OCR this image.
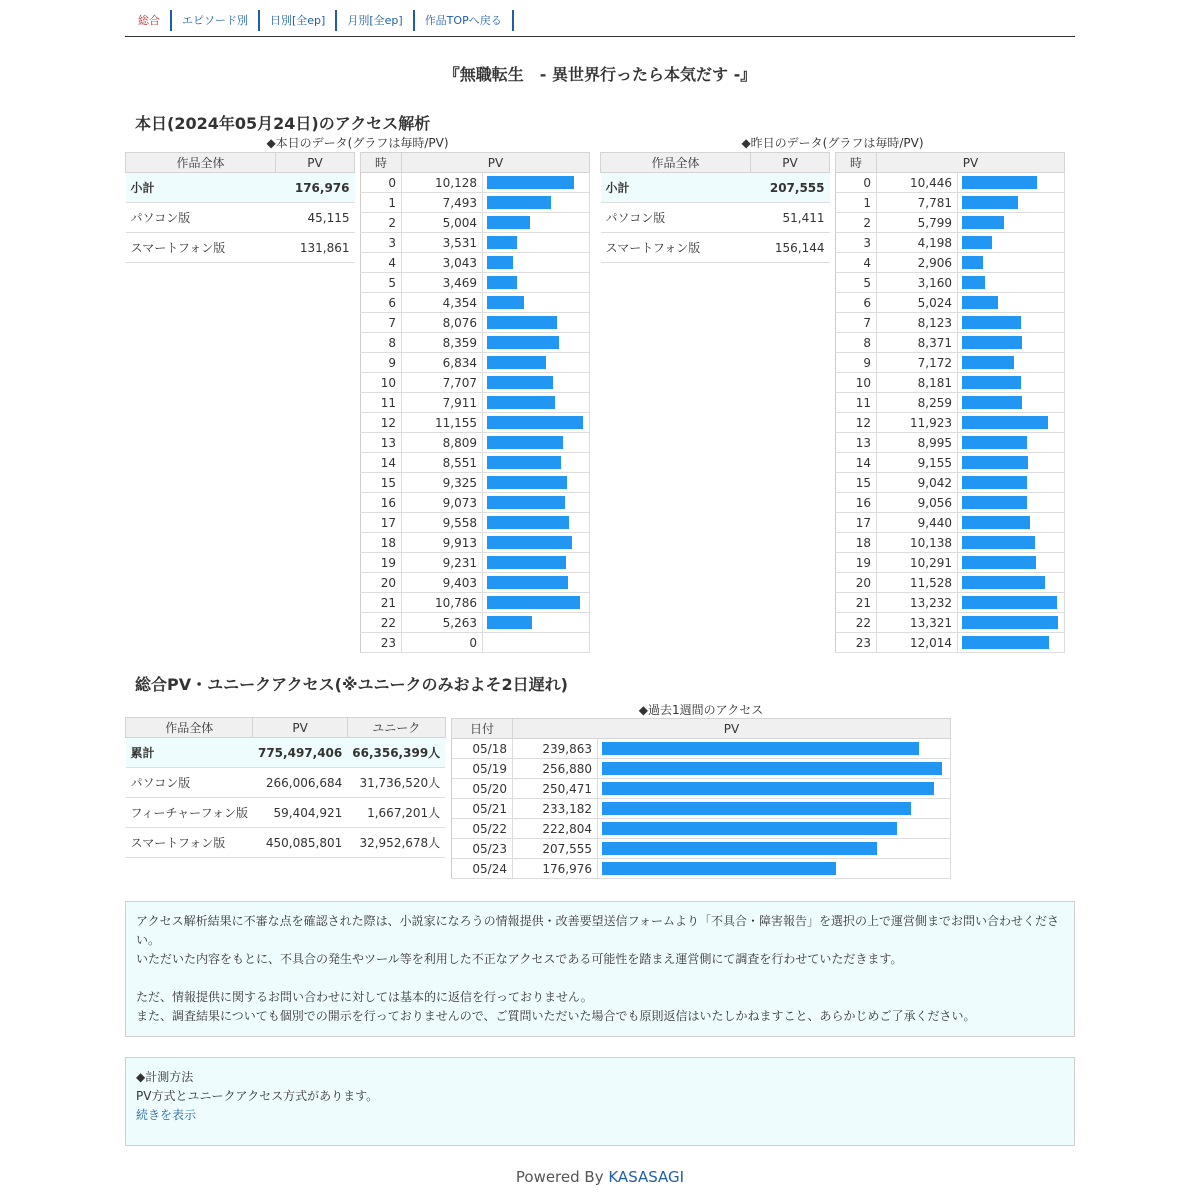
総合	エピソード別	日別[全ep]	月別[全ep]	作品TOPへ戻る
『無職転生　- 異世界行ったら本気だす -』
本日(2024年05月24日)のアクセス解析
◆本日のデータ(グラフは毎時/PV)
作品全体	PV
小計	176,976
パソコン版	45,115
スマートフォン版	131,861
時	PV	
0	10,128	

1	7,493	

2	5,004	

3	3,531	

4	3,043	

5	3,469	

6	4,354	

7	8,076	

8	8,359	

9	6,834	

10	7,707	

11	7,911	

12	11,155	

13	8,809	

14	8,551	

15	9,325	

16	9,073	

17	9,558	

18	9,913	

19	9,231	

20	9,403	

21	10,786	

22	5,263	

23	0	
◆昨日のデータ(グラフは毎時/PV)
作品全体	PV
小計	207,555
パソコン版	51,411
スマートフォン版	156,144
時	PV	
0	10,446	

1	7,781	

2	5,799	

3	4,198	

4	2,906	

5	3,160	

6	5,024	

7	8,123	

8	8,371	

9	7,172	

10	8,181	

11	8,259	

12	11,923	

13	8,995	

14	9,155	

15	9,042	

16	9,056	

17	9,440	

18	10,138	

19	10,291	

20	11,528	

21	13,232	

22	13,321	

23	12,014	
総合PV・ユニークアクセス(※ユニークのみおよそ2日遅れ)
作品全体	PV	ユニーク
累計	775,497,406	66,356,399人
パソコン版	266,006,684	31,736,520人
フィーチャーフォン版	59,404,921	1,667,201人
スマートフォン版	450,085,801	32,952,678人
◆過去1週間のアクセス
日付	PV	
05/18	239,863	

05/19	256,880	

05/20	250,471	

05/21	233,182	

05/22	222,804	

05/23	207,555	

05/24	176,976	
アクセス解析結果に不審な点を確認された際は、小説家になろうの情報提供・改善要望送信フォームより「不具合・障害報告」を選択の上で運営側までお問い合わせください。
いただいた内容をもとに、不具合の発生やツール等を利用した不正なアクセスである可能性を踏まえ運営側にて調査を行わせていただきます。
ただ、情報提供に関するお問い合わせに対しては基本的に返信を行っておりません。
また、調査結果についても個別での開示を行っておりませんので、ご質問いただいた場合でも原則返信はいたしかねますこと、あらかじめご了承ください。
◆計測方法
PV方式とユニークアクセス方式があります。
続きを表示
Powered By KASASAGI
